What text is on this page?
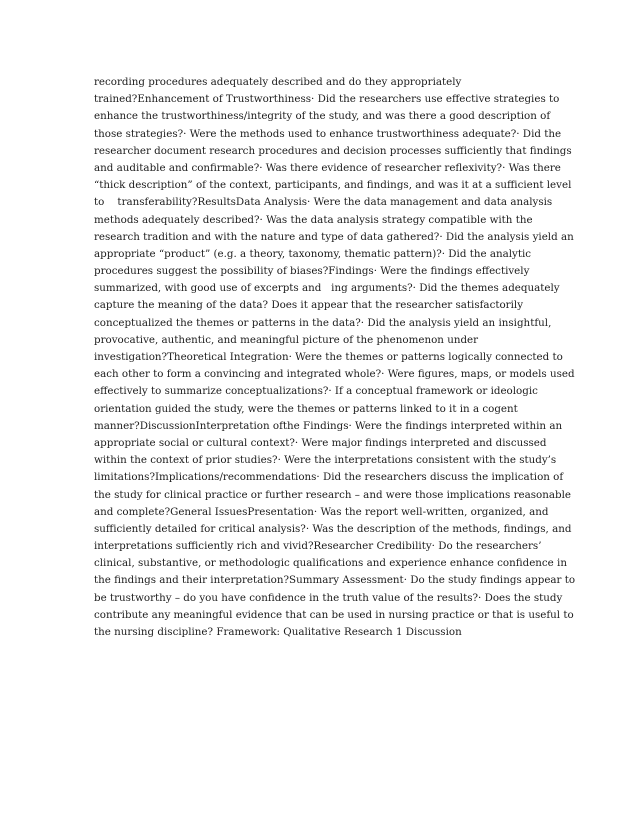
recording procedures adequately described and do they appropriately
trained?Enhancement of Trustworthiness· Did the researchers use effective strategies to
enhance the trustworthiness/integrity of the study, and was there a good description of
those strategies?· Were the methods used to enhance trustworthiness adequate?· Did the
researcher document research procedures and decision processes sufficiently that findings
and auditable and confirmable?· Was there evidence of researcher reflexivity?· Was there
“thick description” of the context, participants, and findings, and was it at a sufficient level
to    transferability?ResultsData Analysis· Were the data management and data analysis
methods adequately described?· Was the data analysis strategy compatible with the
research tradition and with the nature and type of data gathered?· Did the analysis yield an
appropriate “product” (e.g. a theory, taxonomy, thematic pattern)?· Did the analytic
procedures suggest the possibility of biases?Findings· Were the findings effectively
summarized, with good use of excerpts and   ing arguments?· Did the themes adequately
capture the meaning of the data? Does it appear that the researcher satisfactorily
conceptualized the themes or patterns in the data?· Did the analysis yield an insightful,
provocative, authentic, and meaningful picture of the phenomenon under
investigation?Theoretical Integration· Were the themes or patterns logically connected to
each other to form a convincing and integrated whole?· Were figures, maps, or models used
effectively to summarize conceptualizations?· If a conceptual framework or ideologic
orientation guided the study, were the themes or patterns linked to it in a cogent
manner?DiscussionInterpretation ofthe Findings· Were the findings interpreted within an
appropriate social or cultural context?· Were major findings interpreted and discussed
within the context of prior studies?· Were the interpretations consistent with the study’s
limitations?Implications/recommendations· Did the researchers discuss the implication of
the study for clinical practice or further research – and were those implications reasonable
and complete?General IssuesPresentation· Was the report well-written, organized, and
sufficiently detailed for critical analysis?· Was the description of the methods, findings, and
interpretations sufficiently rich and vivid?Researcher Credibility· Do the researchers’
clinical, substantive, or methodologic qualifications and experience enhance confidence in
the findings and their interpretation?Summary Assessment· Do the study findings appear to
be trustworthy – do you have confidence in the truth value of the results?· Does the study
contribute any meaningful evidence that can be used in nursing practice or that is useful to
the nursing discipline? Framework: Qualitative Research 1 Discussion
